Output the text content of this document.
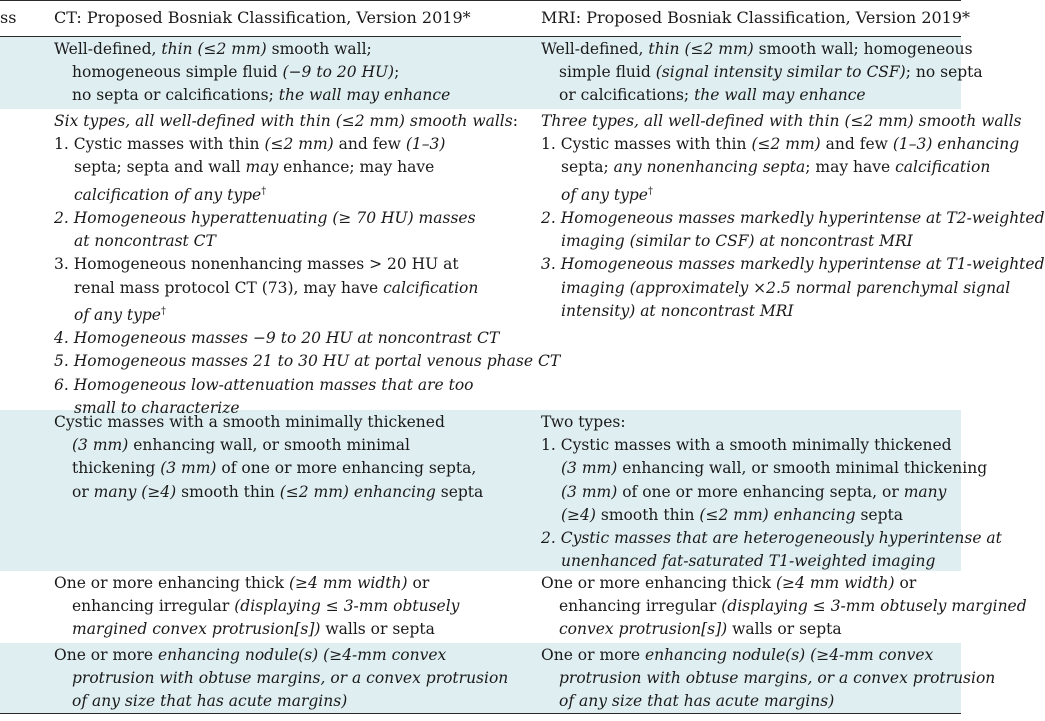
ss CT: Proposed Bosniak Classification, Version 2019*	MRI: Proposed Bosniak Classification, Version 2019*
Well-defined, thin (≤2 mm) smooth wall;
homogeneous simple fluid (−9 to 20 HU);
no septa or calcifications; the wall may enhance
Six types, all well-defined with thin (≤2 mm) smooth walls:
1. Cystic masses with thin (≤2 mm) and few (1–3)
septa; septa and wall may enhance; may have
calcification of any type†
2. Homogeneous hyperattenuating (≥ 70 HU) masses
at noncontrast CT
3. Homogeneous nonenhancing masses > 20 HU at
renal mass protocol CT (73), may have calcification
of any type†
4. Homogeneous masses −9 to 20 HU at noncontrast CT
5. Homogeneous masses 21 to 30 HU at portal venous phase CT
6. Homogeneous low-attenuation masses that are too
small to characterize
Cystic masses with a smooth minimally thickened
(3 mm) enhancing wall, or smooth minimal
thickening (3 mm) of one or more enhancing septa,
or many (≥4) smooth thin (≤2 mm) enhancing septa
One or more enhancing thick (≥4 mm width) or
enhancing irregular (displaying ≤ 3-mm obtusely
margined convex protrusion[s]) walls or septa
One or more enhancing nodule(s) (≥4-mm convex
protrusion with obtuse margins, or a convex protrusion
of any size that has acute margins)
Well-defined, thin (≤2 mm) smooth wall; homogeneous
simple fluid (signal intensity similar to CSF); no septa
or calcifications; the wall may enhance
Three types, all well-defined with thin (≤2 mm) smooth walls
1. Cystic masses with thin (≤2 mm) and few (1–3) enhancing
septa; any nonenhancing septa; may have calcification
of any type†
2. Homogeneous masses markedly hyperintense at T2-weighted
imaging (similar to CSF) at noncontrast MRI
3. Homogeneous masses markedly hyperintense at T1-weighted
imaging (approximately ×2.5 normal parenchymal signal
intensity) at noncontrast MRI
Two types:
1. Cystic masses with a smooth minimally thickened
(3 mm) enhancing wall, or smooth minimal thickening
(3 mm) of one or more enhancing septa, or many
(≥4) smooth thin (≤2 mm) enhancing septa
2. Cystic masses that are heterogeneously hyperintense at
unenhanced fat-saturated T1-weighted imaging
One or more enhancing thick (≥4 mm width) or
enhancing irregular (displaying ≤ 3-mm obtusely margined
convex protrusion[s]) walls or septa
One or more enhancing nodule(s) (≥4-mm convex
protrusion with obtuse margins, or a convex protrusion
of any size that has acute margins)
